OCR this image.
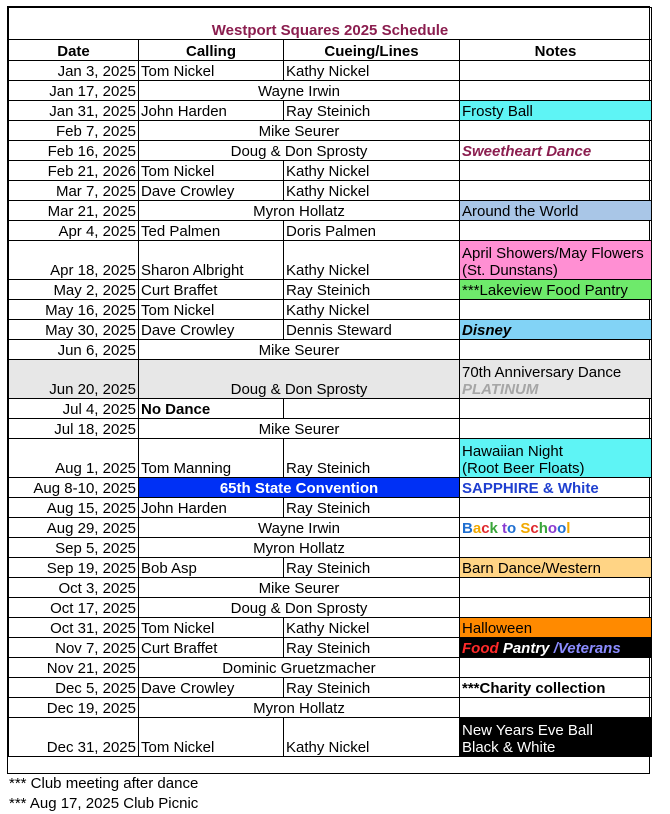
Westport Squares 2025 Schedule			
Date	Calling	Cueing/Lines	Notes
Jan 3, 2025	Tom Nickel	Kathy Nickel	
Jan 17, 2025	Wayne Irwin		
Jan 31, 2025	John Harden	Ray Steinich	Frosty Ball
Feb 7, 2025	Mike Seurer		
Feb 16, 2025	Doug & Don Sprosty		Sweetheart Dance
Feb 21, 2026	Tom Nickel	Kathy Nickel	
Mar 7, 2025	Dave Crowley	Kathy Nickel	
Mar 21, 2025	Myron Hollatz		Around the World
Apr 4, 2025	Ted Palmen	Doris Palmen	
Apr 18, 2025	Sharon Albright	Kathy Nickel	April Showers/May Flowers (St. Dunstans)
May 2, 2025	Curt Braffet	Ray Steinich	***Lakeview Food Pantry
May 16, 2025	Tom Nickel	Kathy Nickel	
May 30, 2025	Dave Crowley	Dennis Steward	Disney
Jun 6, 2025	Mike Seurer		
Jun 20, 2025	Doug & Don Sprosty		70th Anniversary Dance
PLATINUM
Jul 4, 2025	No Dance		
Jul 18, 2025	Mike Seurer		
Aug 1, 2025	Tom Manning	Ray Steinich	Hawaiian Night
(Root Beer Floats)
Aug 8-10, 2025	65th State Convention		SAPPHIRE & White
Aug 15, 2025	John Harden	Ray Steinich	
Aug 29, 2025	Wayne Irwin		Back to School
Sep 5, 2025	Myron Hollatz		
Sep 19, 2025	Bob Asp	Ray Steinich	Barn Dance/Western
Oct 3, 2025	Mike Seurer		
Oct 17, 2025	Doug & Don Sprosty		
Oct 31, 2025	Tom Nickel	Kathy Nickel	Halloween
Nov 7, 2025	Curt Braffet	Ray Steinich	Food Pantry /Veterans
Nov 21, 2025	Dominic Gruetzmacher		
Dec 5, 2025	Dave Crowley	Ray Steinich	***Charity collection
Dec 19, 2025	Myron Hollatz		
Dec 31, 2025	Tom Nickel	Kathy Nickel	New Years Eve Ball
Black & White
*** Club meeting after dance
*** Aug 17, 2025 Club Picnic
